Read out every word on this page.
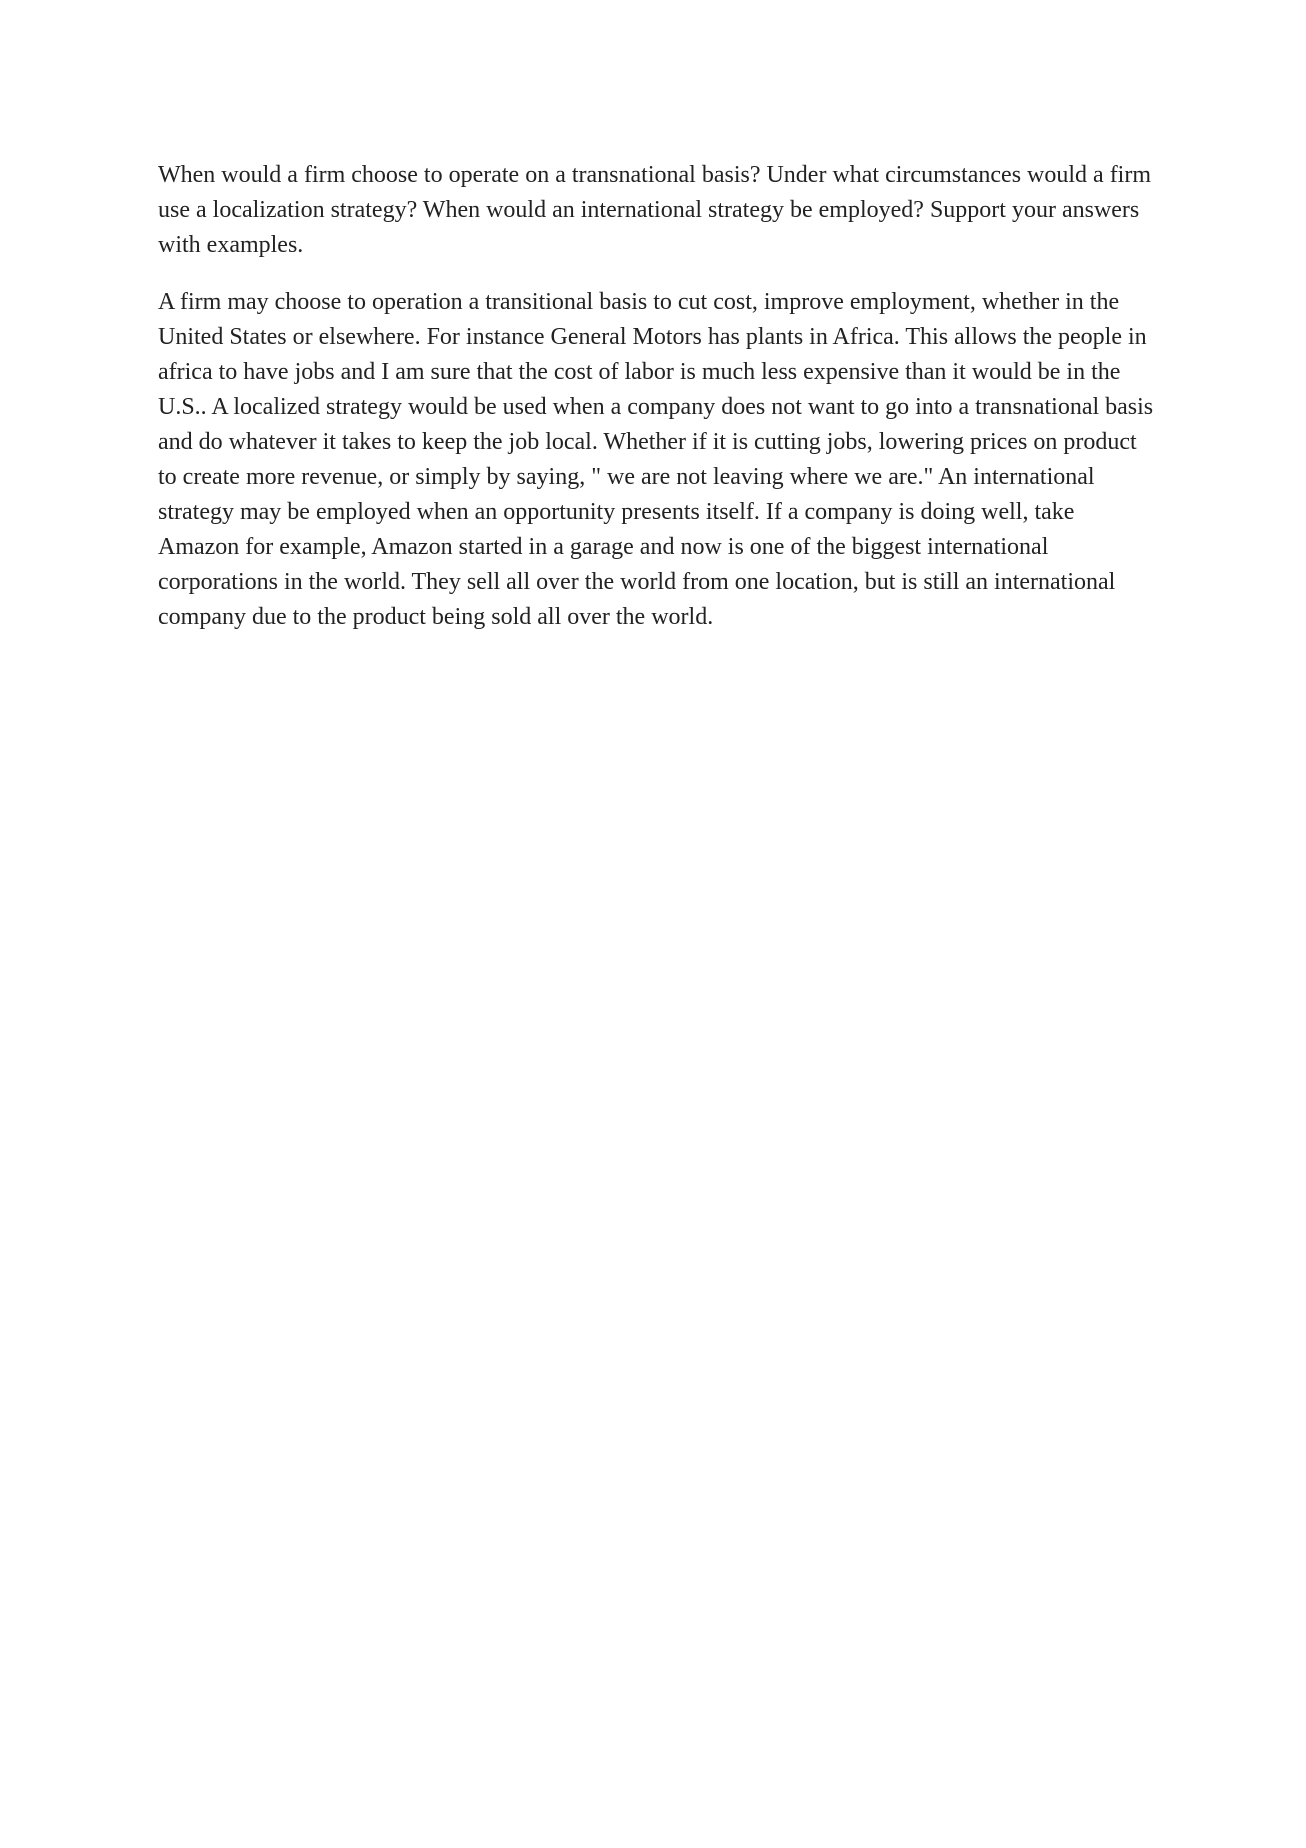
When would a firm choose to operate on a transnational basis? Under what circumstances would a firm use a localization strategy? When would an international strategy be employed? Support your answers with examples.

A firm may choose to operation a transitional basis to cut cost, improve employment, whether in the United States or elsewhere. For instance General Motors has plants in Africa. This allows the people in africa to have jobs and I am sure that the cost of labor is much less expensive than it would be in the U.S.. A localized strategy would be used when a company does not want to go into a transnational basis and do whatever it takes to keep the job local. Whether if it is cutting jobs, lowering prices on product to create more revenue, or simply by saying, " we are not leaving where we are." An international strategy may be employed when an opportunity presents itself. If a company is doing well, take Amazon for example, Amazon started in a garage and now is one of the biggest international corporations in the world. They sell all over the world from one location, but is still an international company due to the product being sold all over the world.
